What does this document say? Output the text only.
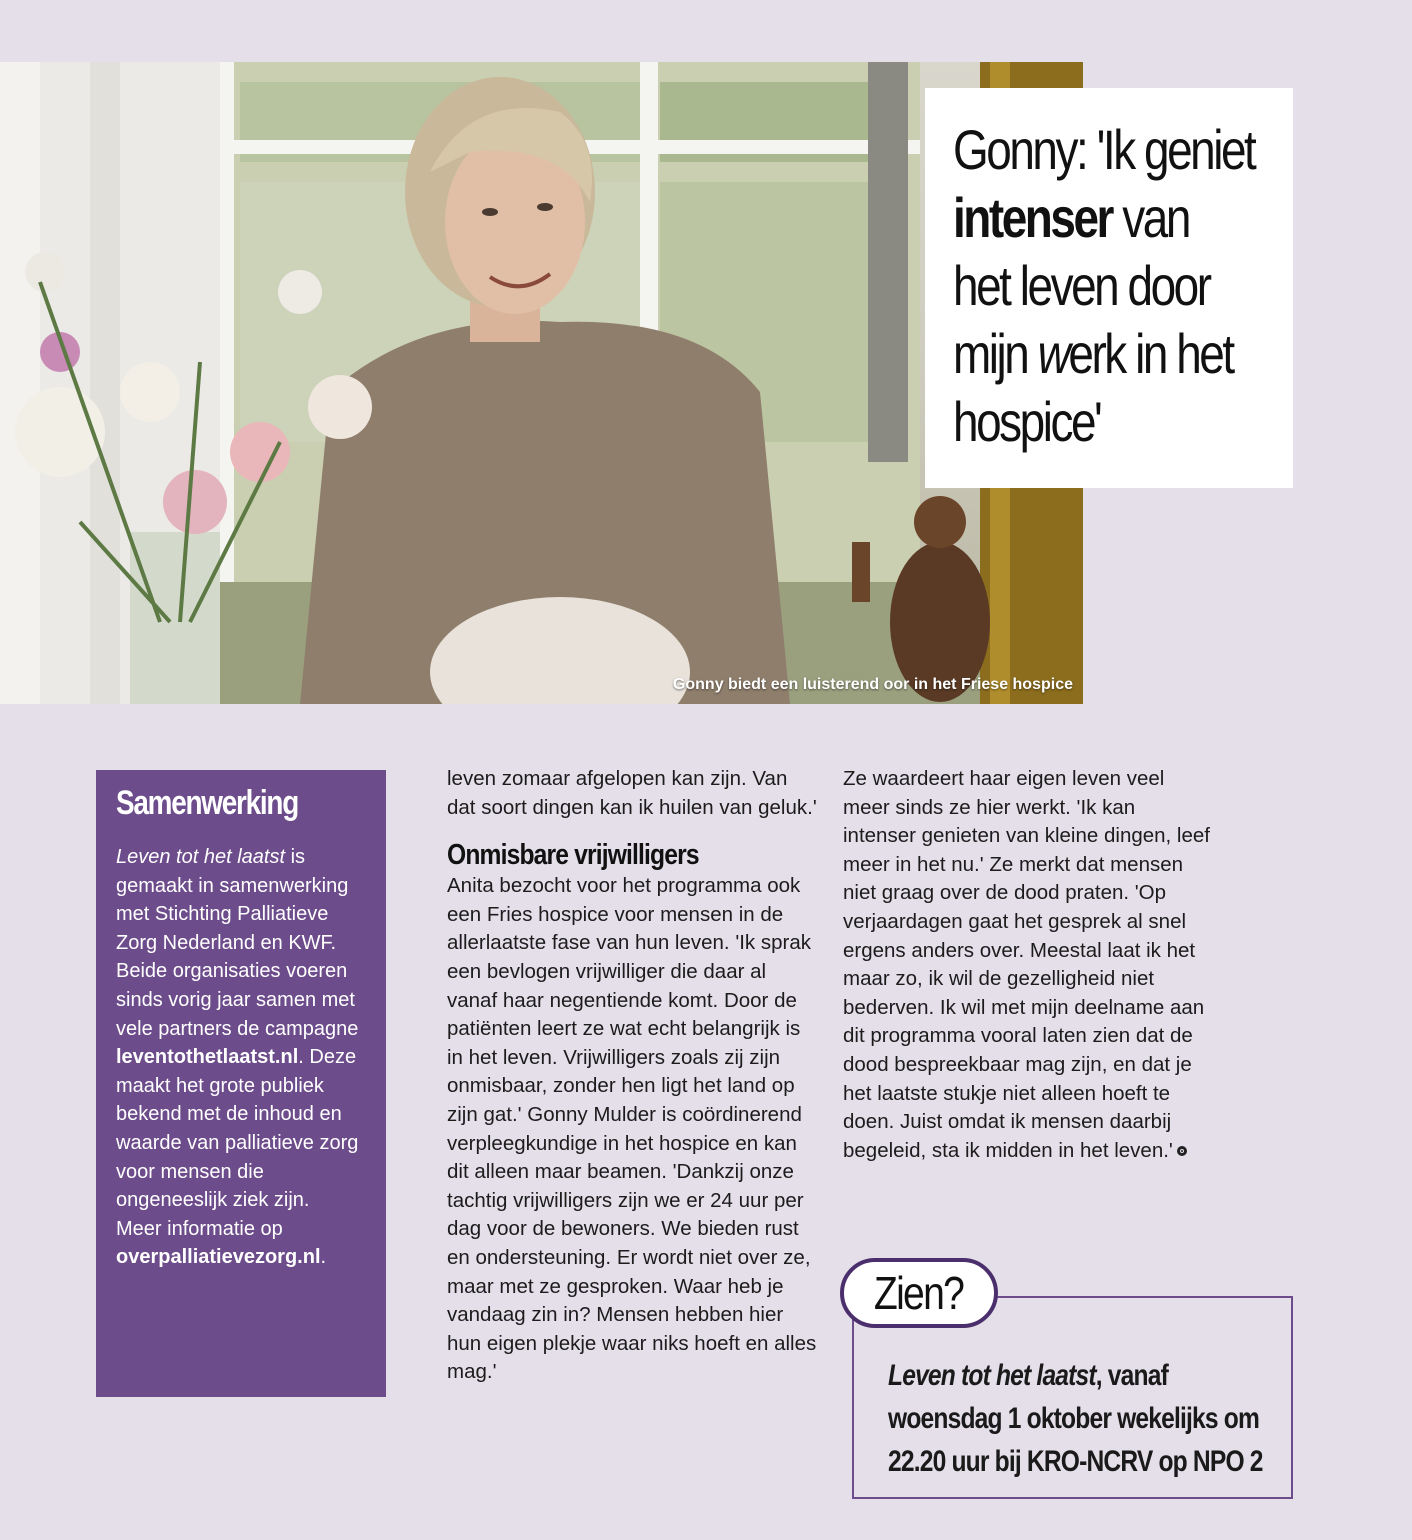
Gonny biedt een luisterend oor in het Friese hospice
Gonny: 'Ik geniet
intenser van
het leven door
mijn werk in het
hospice'
Samenwerking

Leven tot het laatst is gemaakt in samenwerking met Stichting Palliatieve Zorg Nederland en KWF. Beide organisaties voeren sinds vorig jaar samen met vele partners de campagne leventothetlaatst.nl. Deze maakt het grote publiek bekend met de inhoud en waarde van palliatieve zorg voor mensen die ongeneeslijk ziek zijn.
Meer informatie op overpalliatievezorg.nl.

leven zomaar afgelopen kan zijn. Van dat soort dingen kan ik huilen van geluk.'

Onmisbare vrijwilligers

Anita bezocht voor het programma ook een Fries hospice voor mensen in de allerlaatste fase van hun leven. 'Ik sprak een bevlogen vrijwilliger die daar al vanaf haar negentiende komt. Door de patiënten leert ze wat echt belangrijk is in het leven. Vrijwilligers zoals zij zijn onmisbaar, zonder hen ligt het land op zijn gat.' Gonny Mulder is coördinerend verpleegkundige in het hospice en kan dit alleen maar beamen. 'Dankzij onze tachtig vrijwilligers zijn we er 24 uur per dag voor de bewoners. We bieden rust en ondersteuning. Er wordt niet over ze, maar met ze gesproken. Waar heb je vandaag zin in? Mensen hebben hier hun eigen plekje waar niks hoeft en alles mag.'

Ze waardeert haar eigen leven veel meer sinds ze hier werkt. 'Ik kan intenser genieten van kleine dingen, leef meer in het nu.' Ze merkt dat mensen niet graag over de dood praten. 'Op verjaardagen gaat het gesprek al snel ergens anders over. Meestal laat ik het maar zo, ik wil de gezelligheid niet bederven. Ik wil met mijn deelname aan dit programma vooral laten zien dat de dood bespreekbaar mag zijn, en dat je het laatste stukje niet alleen hoeft te doen. Juist omdat ik mensen daarbij begeleid, sta ik midden in het leven.'

Leven tot het laatst, vanaf woensdag 1 oktober wekelijks om 22.20 uur bij KRO-NCRV op NPO 2

Zien?
